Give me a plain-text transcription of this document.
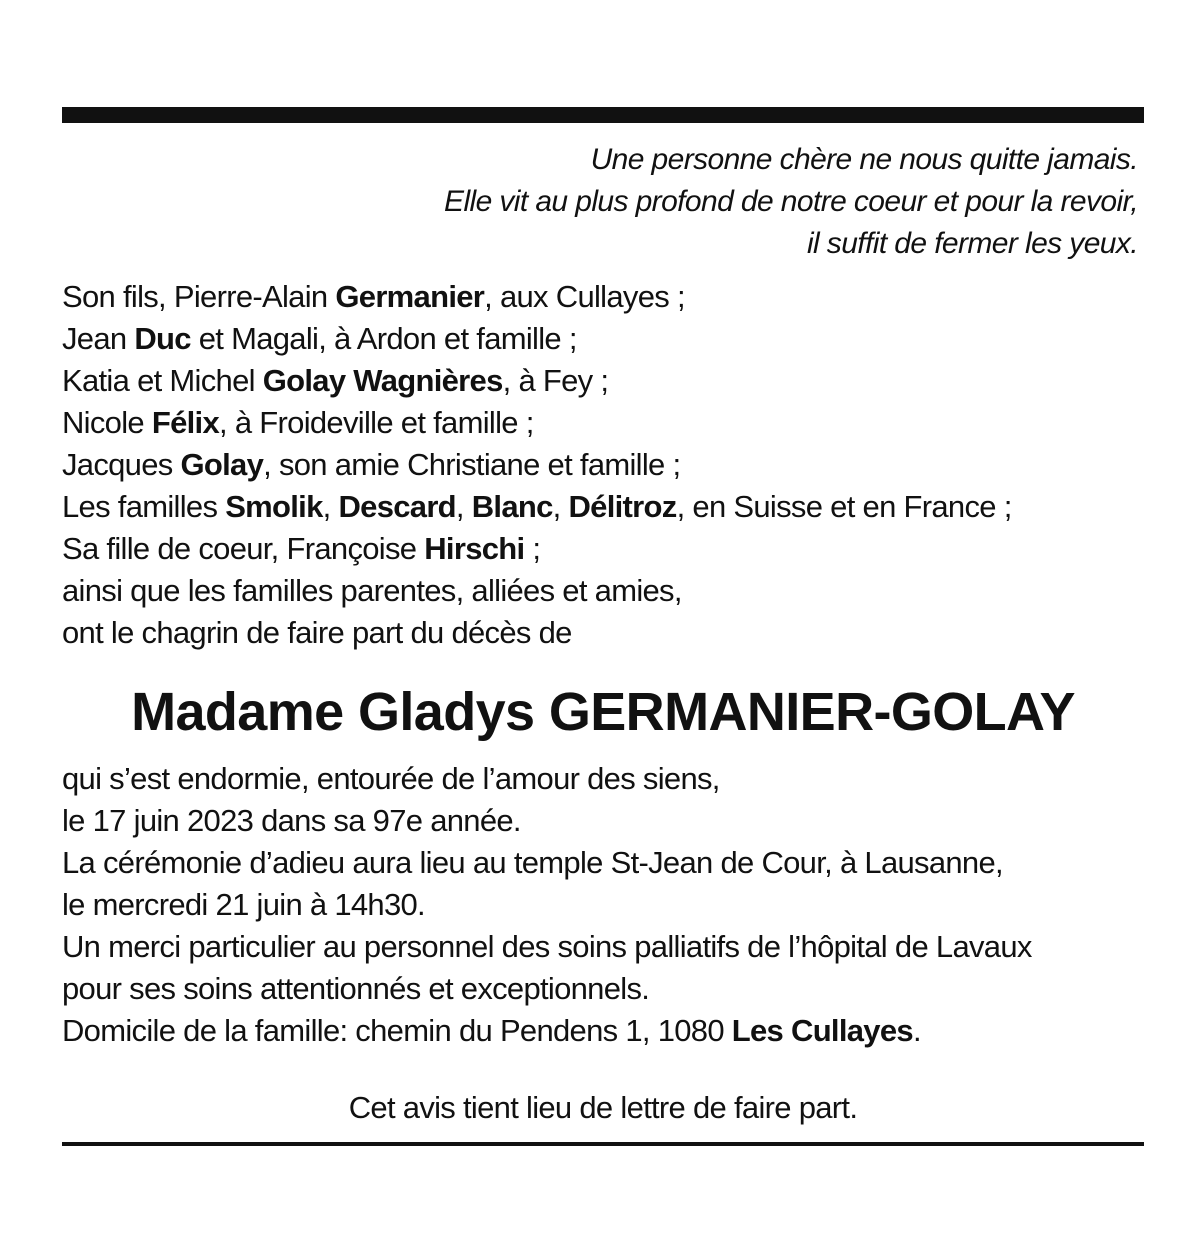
Une personne chère ne nous quitte jamais.
Elle vit au plus profond de notre coeur et pour la revoir,
il suffit de fermer les yeux.
Son fils, Pierre-Alain Germanier, aux Cullayes ;
Jean Duc et Magali, à Ardon et famille ;
Katia et Michel Golay Wagnières, à Fey ;
Nicole Félix, à Froideville et famille ;
Jacques Golay, son amie Christiane et famille ;
Les familles Smolik, Descard, Blanc, Délitroz, en Suisse et en France ;
Sa fille de coeur, Françoise Hirschi ;
ainsi que les familles parentes, alliées et amies,
ont le chagrin de faire part du décès de
Madame Gladys GERMANIER-GOLAY
qui s’est endormie, entourée de l’amour des siens,
le 17 juin 2023 dans sa 97e année.
La cérémonie d’adieu aura lieu au temple St-Jean de Cour, à Lausanne,
le mercredi 21 juin à 14h30.
Un merci particulier au personnel des soins palliatifs de l’hôpital de Lavaux
pour ses soins attentionnés et exceptionnels.
Domicile de la famille: chemin du Pendens 1, 1080 Les Cullayes.
Cet avis tient lieu de lettre de faire part.
